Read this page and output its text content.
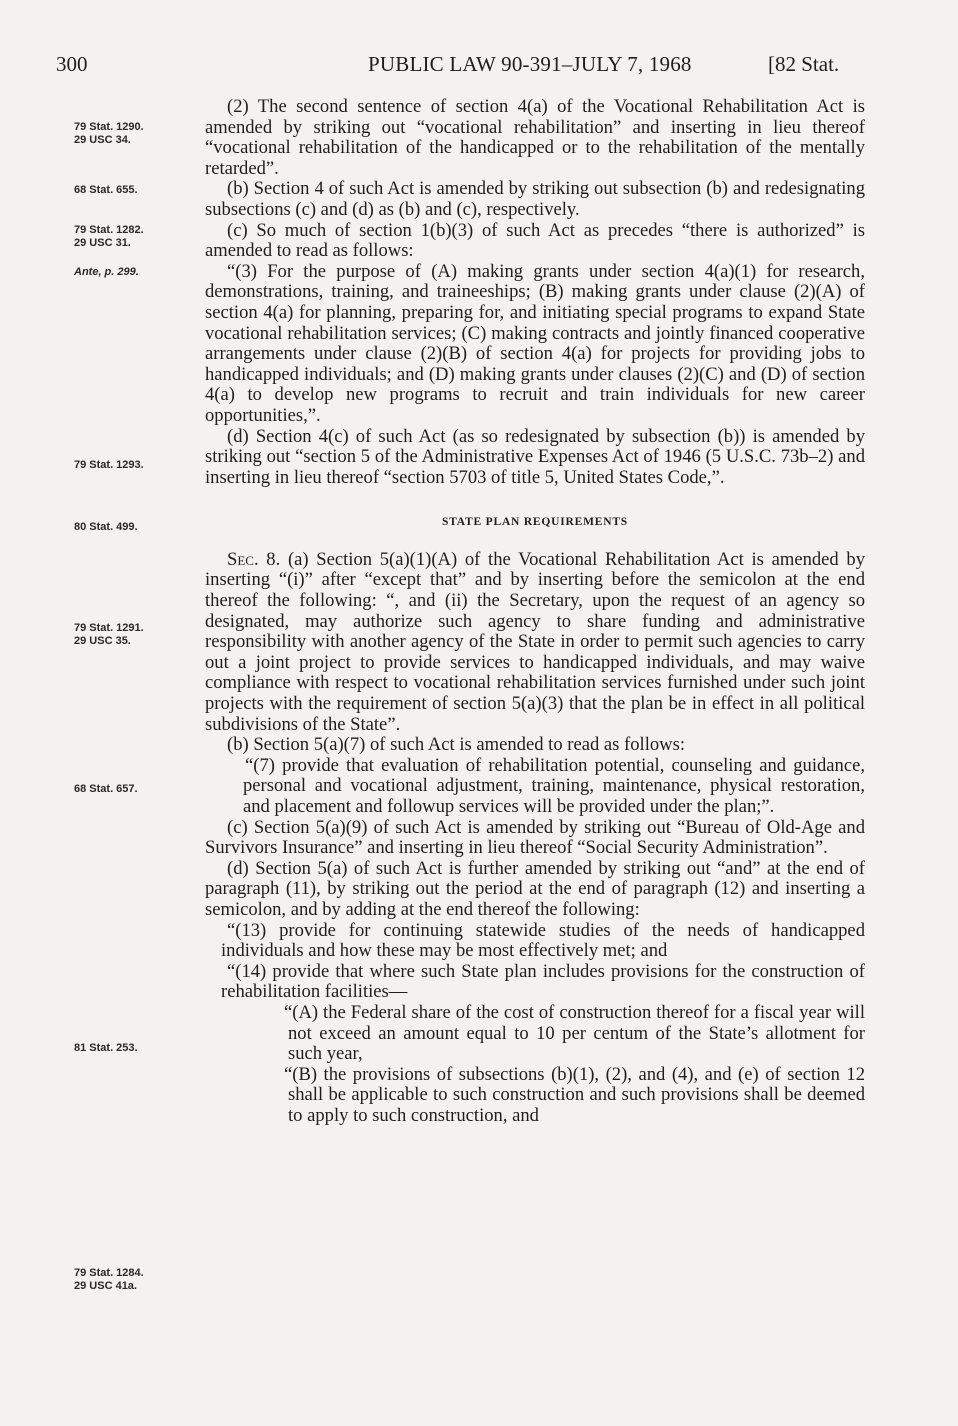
300	PUBLIC LAW 90-391–JULY 7, 1968	[82 Stat.
79 Stat. 1290.
29 USC 34.
68 Stat. 655.
79 Stat. 1282.
29 USC 31.
Ante, p. 299.
79 Stat. 1293.
80 Stat. 499.
79 Stat. 1291.
29 USC 35.
68 Stat. 657.
81 Stat. 253.
79 Stat. 1284.
29 USC 41a.

(2) The second sentence of section 4(a) of the Vocational Rehabilitation Act is amended by striking out “vocational rehabilitation” and inserting in lieu thereof “vocational rehabilitation of the handicapped or to the rehabilitation of the mentally retarded”.

(b) Section 4 of such Act is amended by striking out subsection (b) and redesignating subsections (c) and (d) as (b) and (c), respectively.

(c) So much of section 1(b)(3) of such Act as precedes “there is authorized” is amended to read as follows:

“(3) For the purpose of (A) making grants under section 4(a)(1) for research, demonstrations, training, and traineeships; (B) making grants under clause (2)(A) of section 4(a) for planning, preparing for, and initiating special programs to expand State vocational rehabilitation services; (C) making contracts and jointly financed cooperative arrangements under clause (2)(B) of section 4(a) for projects for providing jobs to handicapped individuals; and (D) making grants under clauses (2)(C) and (D) of section 4(a) to develop new programs to recruit and train individuals for new career opportunities,”.

(d) Section 4(c) of such Act (as so redesignated by subsection (b)) is amended by striking out “section 5 of the Administrative Expenses Act of 1946 (5 U.S.C. 73b–2) and inserting in lieu thereof “section 5703 of title 5, United States Code,”.

STATE PLAN REQUIREMENTS

Sec. 8. (a) Section 5(a)(1)(A) of the Vocational Rehabilitation Act is amended by inserting “(i)” after “except that” and by inserting before the semicolon at the end thereof the following: “, and (ii) the Secretary, upon the request of an agency so designated, may authorize such agency to share funding and administrative responsibility with another agency of the State in order to permit such agencies to carry out a joint project to provide services to handicapped individuals, and may waive compliance with respect to vocational rehabilitation services furnished under such joint projects with the requirement of section 5(a)(3) that the plan be in effect in all political subdivisions of the State”.

(b) Section 5(a)(7) of such Act is amended to read as follows:

“(7) provide that evaluation of rehabilitation potential, counseling and guidance, personal and vocational adjustment, training, maintenance, physical restoration, and placement and followup services will be provided under the plan;”.

(c) Section 5(a)(9) of such Act is amended by striking out “Bureau of Old-Age and Survivors Insurance” and inserting in lieu thereof “Social Security Administration”.

(d) Section 5(a) of such Act is further amended by striking out “and” at the end of paragraph (11), by striking out the period at the end of paragraph (12) and inserting a semicolon, and by adding at the end thereof the following:

“(13) provide for continuing statewide studies of the needs of handicapped individuals and how these may be most effectively met; and

“(14) provide that where such State plan includes provisions for the construction of rehabilitation facilities—

“(A) the Federal share of the cost of construction thereof for a fiscal year will not exceed an amount equal to 10 per centum of the State’s allotment for such year,

“(B) the provisions of subsections (b)(1), (2), and (4), and (e) of section 12 shall be applicable to such construction and such provisions shall be deemed to apply to such construction, and
